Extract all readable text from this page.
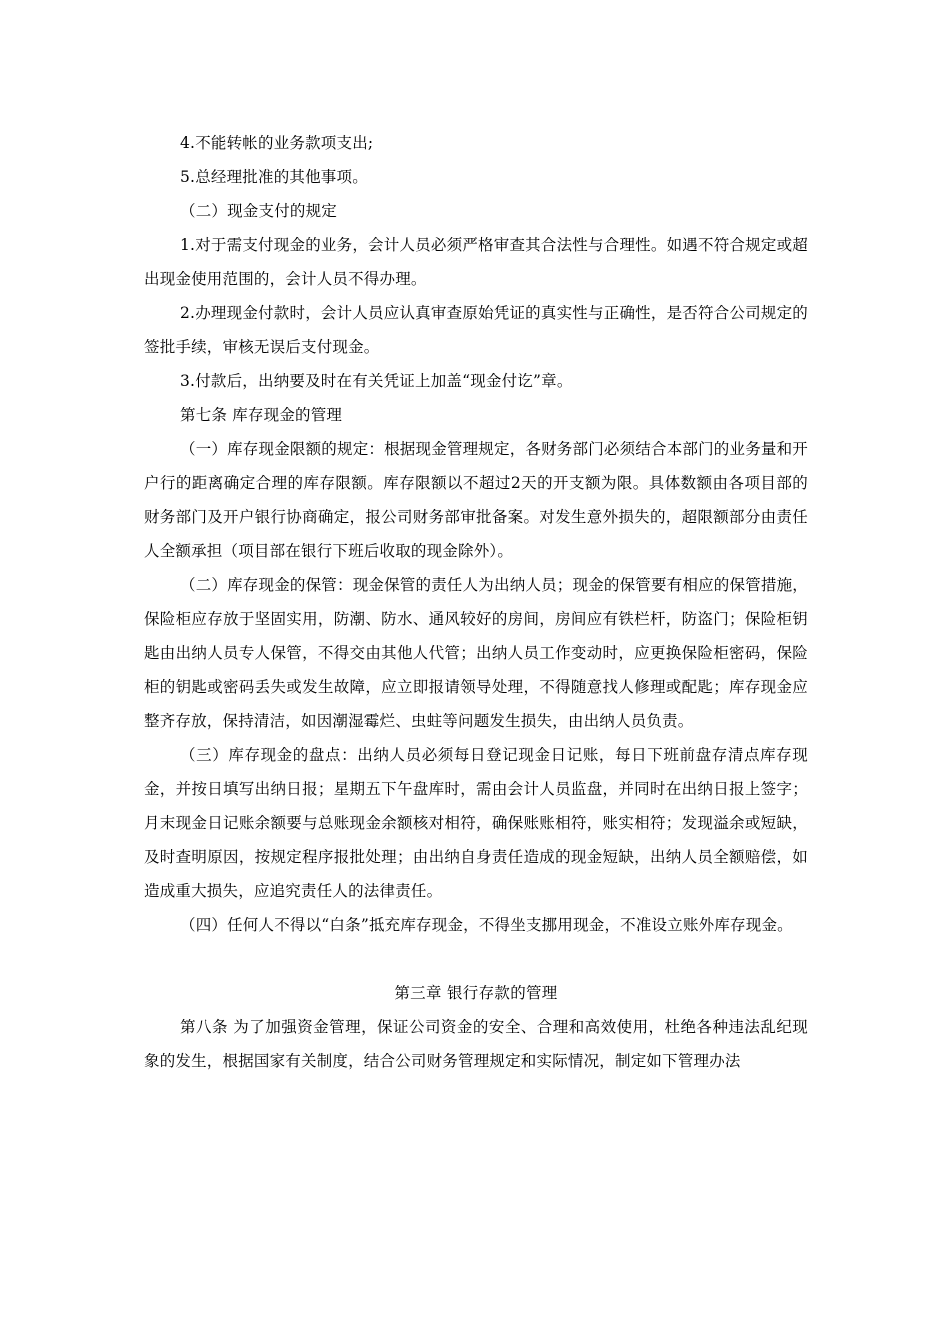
4.不能转帐的业务款项支出;

5.总经理批准的其他事项。

（二）现金支付的规定

1.对于需支付现金的业务，会计人员必须严格审查其合法性与合理性。如遇不符合规定或超出现金使用范围的，会计人员不得办理。

2.办理现金付款时，会计人员应认真审查原始凭证的真实性与正确性，是否符合公司规定的签批手续，审核无误后支付现金。

3.付款后，出纳要及时在有关凭证上加盖“现金付讫”章。

第七条 库存现金的管理

（一）库存现金限额的规定：根据现金管理规定，各财务部门必须结合本部门的业务量和开户行的距离确定合理的库存限额。库存限额以不超过2天的开支额为限。具体数额由各项目部的财务部门及开户银行协商确定，报公司财务部审批备案。对发生意外损失的，超限额部分由责任人全额承担（项目部在银行下班后收取的现金除外）。

（二）库存现金的保管：现金保管的责任人为出纳人员；现金的保管要有相应的保管措施，保险柜应存放于坚固实用，防潮、防水、通风较好的房间，房间应有铁栏杆，防盗门；保险柜钥匙由出纳人员专人保管，不得交由其他人代管；出纳人员工作变动时，应更换保险柜密码，保险柜的钥匙或密码丢失或发生故障，应立即报请领导处理，不得随意找人修理或配匙；库存现金应整齐存放，保持清洁，如因潮湿霉烂、虫蛀等问题发生损失，由出纳人员负责。

（三）库存现金的盘点：出纳人员必须每日登记现金日记账，每日下班前盘存清点库存现金，并按日填写出纳日报；星期五下午盘库时，需由会计人员监盘，并同时在出纳日报上签字；月末现金日记账余额要与总账现金余额核对相符，确保账账相符，账实相符；发现溢余或短缺，及时查明原因，按规定程序报批处理；由出纳自身责任造成的现金短缺，出纳人员全额赔偿，如造成重大损失，应追究责任人的法律责任。

（四）任何人不得以“白条”抵充库存现金，不得坐支挪用现金，不准设立账外库存现金。

第三章 银行存款的管理

第八条 为了加强资金管理，保证公司资金的安全、合理和高效使用，杜绝各种违法乱纪现象的发生，根据国家有关制度，结合公司财务管理规定和实际情况，制定如下管理办法
